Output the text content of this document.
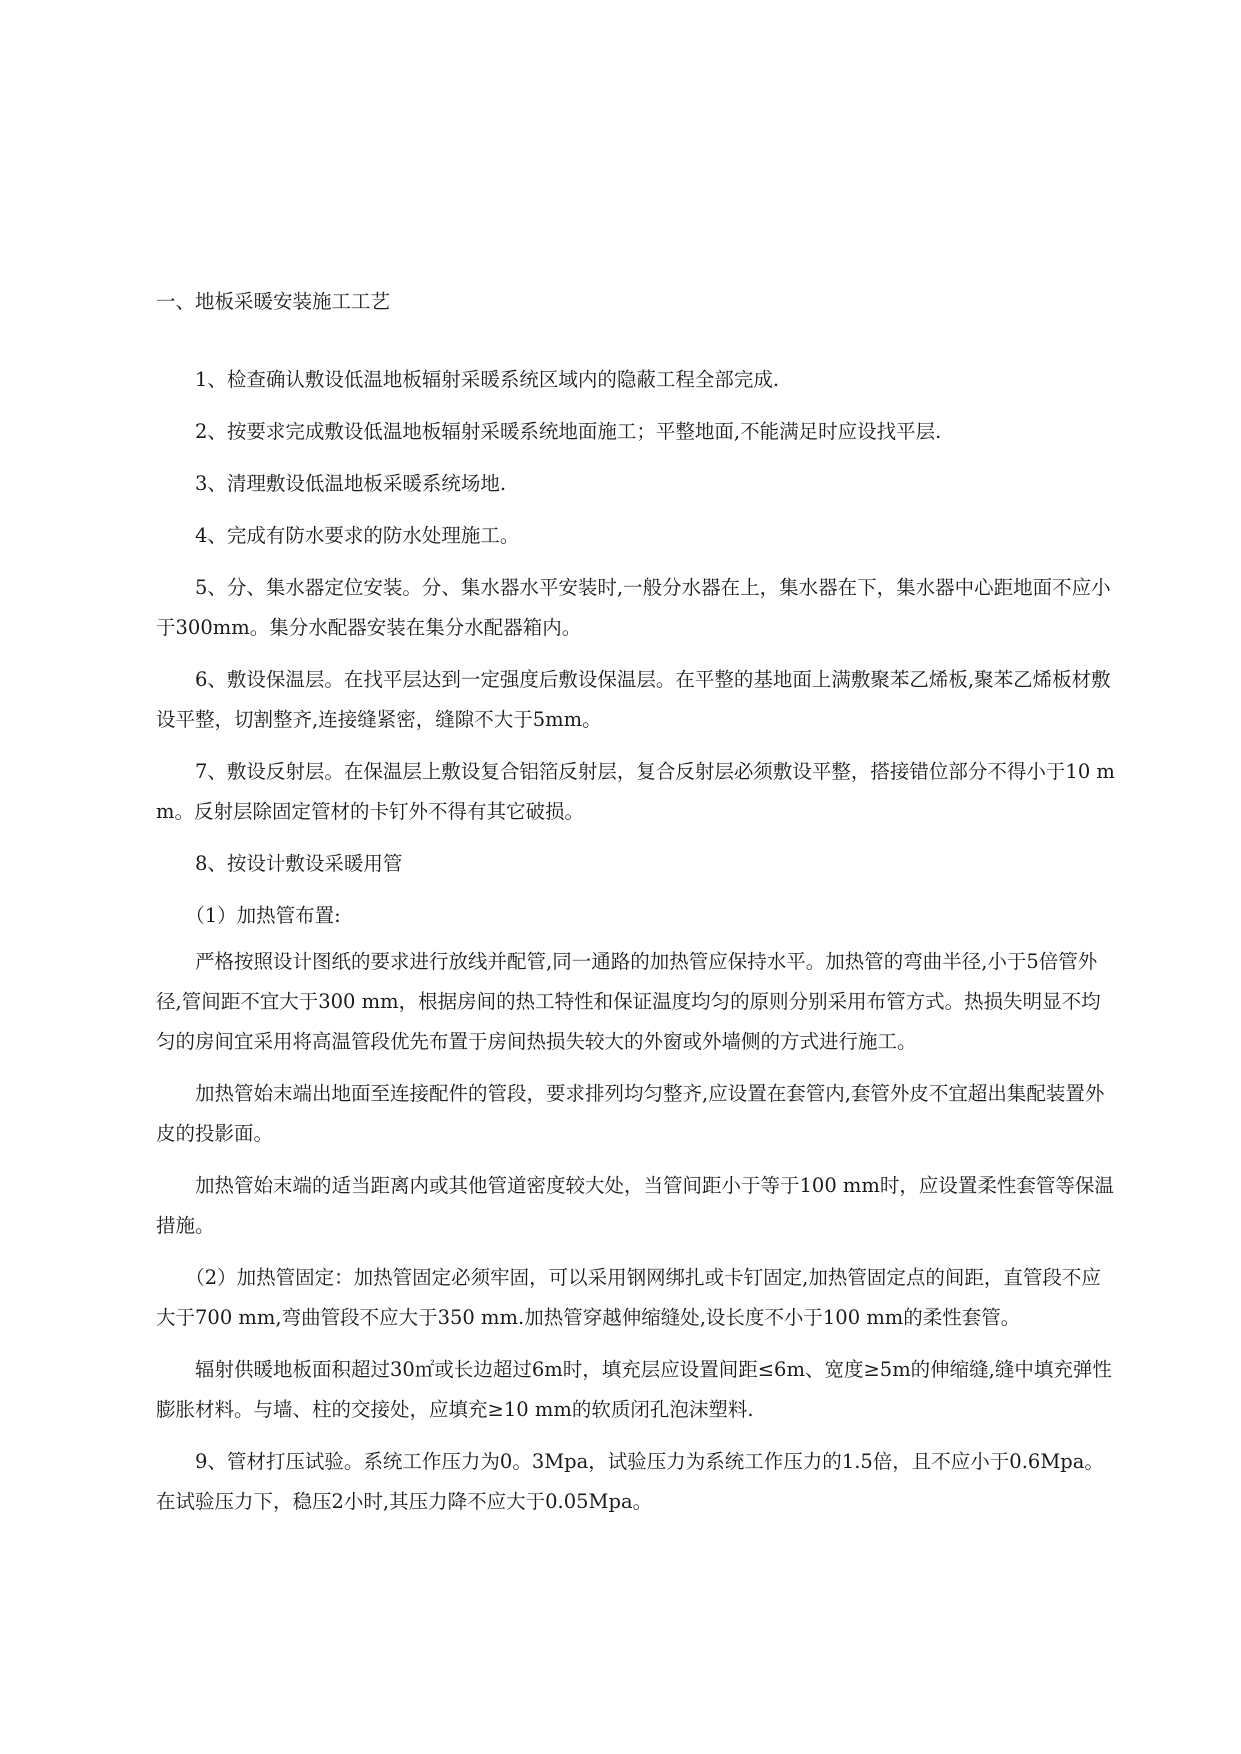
一、地板采暖安装施工工艺

1、检查确认敷设低温地板辐射采暖系统区域内的隐蔽工程全部完成.

2、按要求完成敷设低温地板辐射采暖系统地面施工；平整地面,不能满足时应设找平层.

3、清理敷设低温地板采暖系统场地.

4、完成有防水要求的防水处理施工。

5、分、集水器定位安装。分、集水器水平安装时,一般分水器在上，集水器在下，集水器中心距地面不应小于300mm。集分水配器安装在集分水配器箱内。

6、敷设保温层。在找平层达到一定强度后敷设保温层。在平整的基地面上满敷聚苯乙烯板,聚苯乙烯板材敷设平整，切割整齐,连接缝紧密，缝隙不大于5mm。

7、敷设反射层。在保温层上敷设复合铝箔反射层，复合反射层必须敷设平整，搭接错位部分不得小于10 mm。反射层除固定管材的卡钉外不得有其它破损。

8、按设计敷设采暖用管

（1）加热管布置:

严格按照设计图纸的要求进行放线并配管,同一通路的加热管应保持水平。加热管的弯曲半径,小于5倍管外径,管间距不宜大于300 mm，根据房间的热工特性和保证温度均匀的原则分别采用布管方式。热损失明显不均匀的房间宜采用将高温管段优先布置于房间热损失较大的外窗或外墙侧的方式进行施工。

加热管始末端出地面至连接配件的管段，要求排列均匀整齐,应设置在套管内,套管外皮不宜超出集配装置外皮的投影面。

加热管始末端的适当距离内或其他管道密度较大处，当管间距小于等于100 mm时，应设置柔性套管等保温措施。

（2）加热管固定：加热管固定必须牢固，可以采用钢网绑扎或卡钉固定,加热管固定点的间距，直管段不应大于700 mm,弯曲管段不应大于350 mm.加热管穿越伸缩缝处,设长度不小于100 mm的柔性套管。

辐射供暖地板面积超过30㎡或长边超过6m时，填充层应设置间距≤6m、宽度≥5m的伸缩缝,缝中填充弹性膨胀材料。与墙、柱的交接处，应填充≥10 mm的软质闭孔泡沫塑料.

9、管材打压试验。系统工作压力为0。3Mpa，试验压力为系统工作压力的1.5倍，且不应小于0.6Mpa。在试验压力下，稳压2小时,其压力降不应大于0.05Mpa。
